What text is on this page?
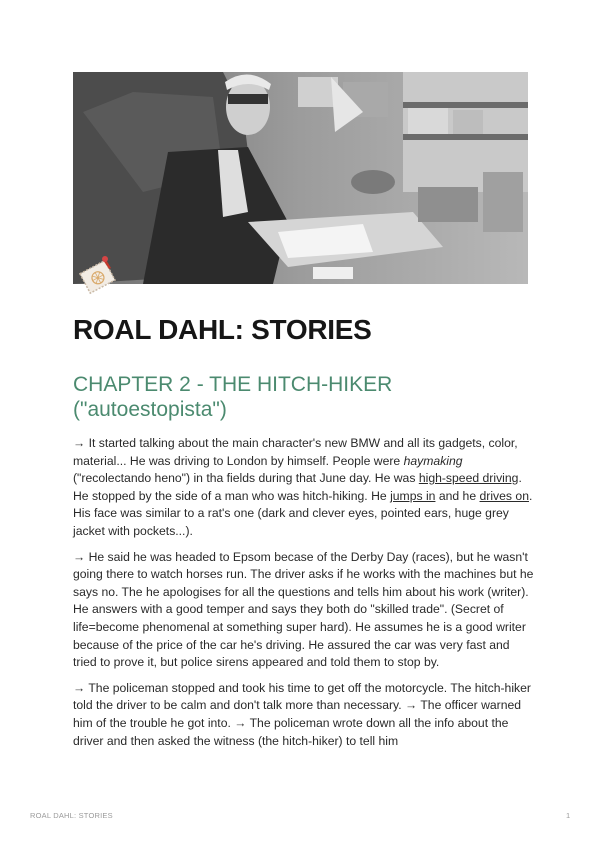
ROAL DAHL: STORIES
CHAPTER 2 - THE HITCH-HIKER
("autoestopista")

→ It started talking about the main character's new BMW and all its gadgets, color, material... He was driving to London by himself. People were haymaking ("recolectando heno") in tha fields during that June day. He was high-speed driving. He stopped by the side of a man who was hitch-hiking. He jumps in and he drives on. His face was similar to a rat's one (dark and clever eyes, pointed ears, huge grey jacket with pockets...).

→ He said he was headed to Epsom becase of the Derby Day (races), but he wasn't going there to watch horses run. The driver asks if he works with the machines but he says no. The he apologises for all the questions and tells him about his work (writer). He answers with a good temper and says they both do "skilled trade". (Secret of life=become phenomenal at something super hard). He assumes he is a good writer because of the price of the car he's driving. He assured the car was very fast and tried to prove it, but police sirens appeared and told them to stop by.

→ The policeman stopped and took his time to get off the motorcycle. The hitch-hiker told the driver to be calm and don't talk more than necessary. → The officer warned him of the trouble he got into. → The policeman wrote down all the info about the driver and then asked the witness (the hitch-hiker) to tell him

ROAL DAHL: STORIES	1
